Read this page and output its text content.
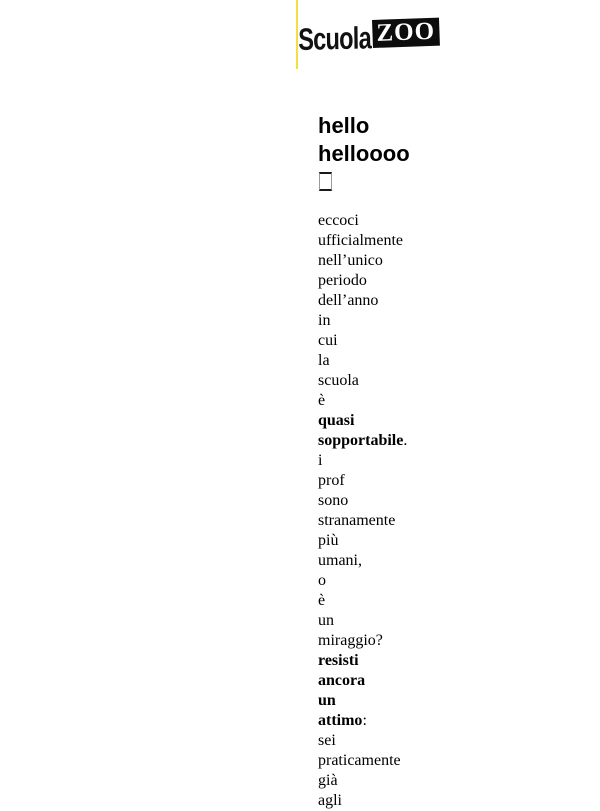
Scuola ZOO
hello
helloooo
eccoci
ufficialmente
nell’unico
periodo
dell’anno
in
cui
la
scuola
è
quasi
sopportabile.
i
prof
sono
stranamente
più
umani,
o
è
un
miraggio?
resisti
ancora
un
attimo:
sei
praticamente
già
agli
